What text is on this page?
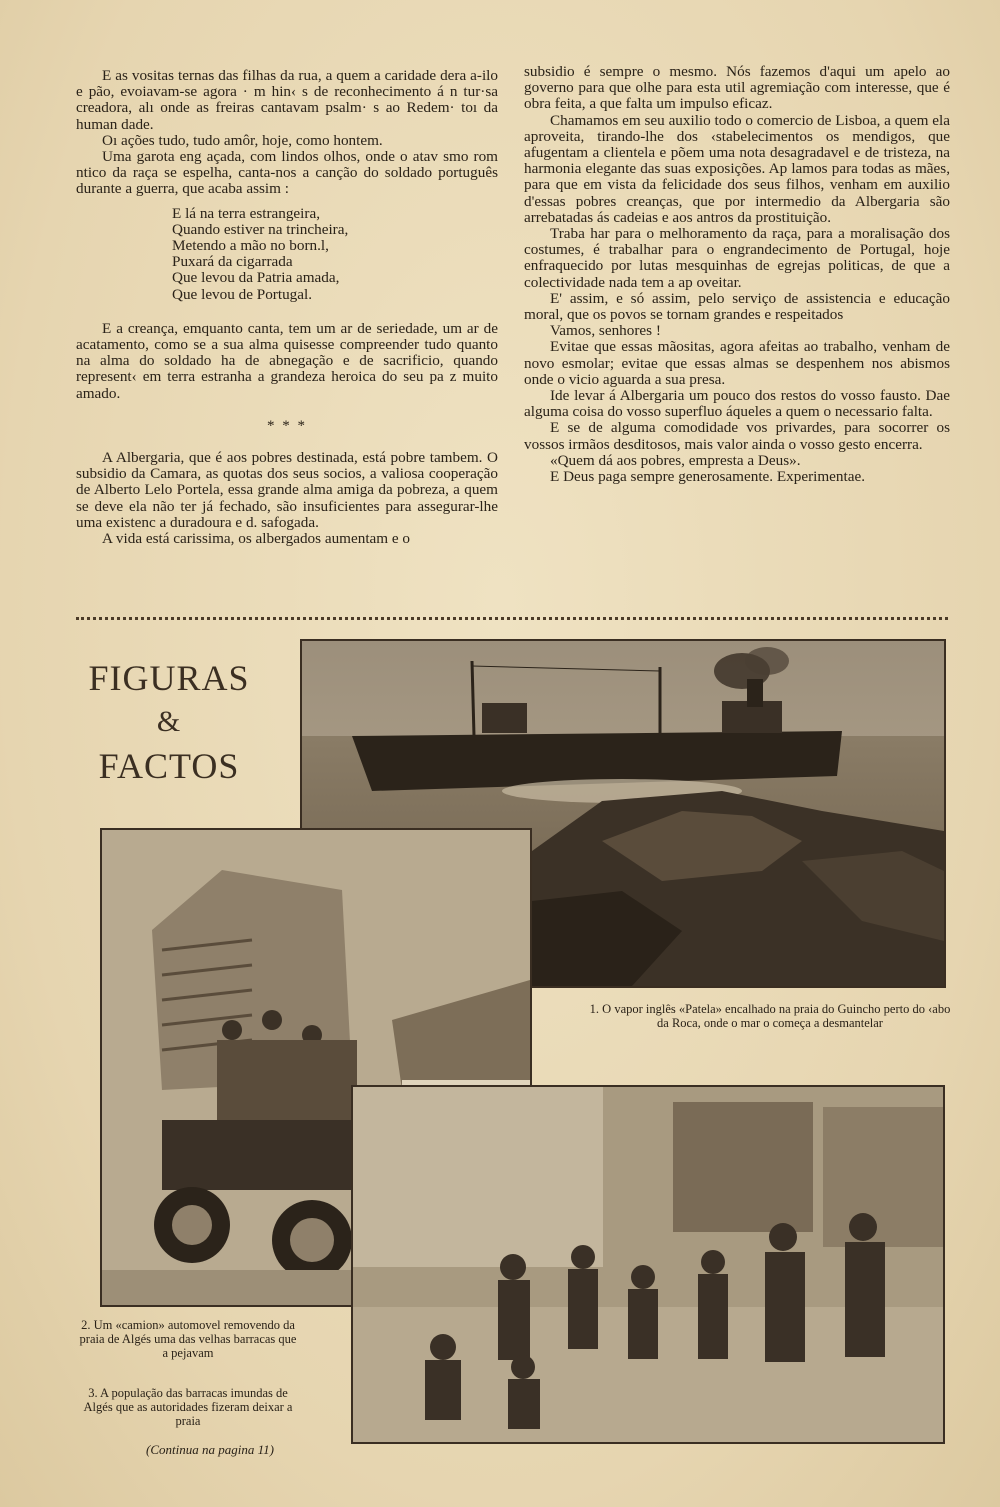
E as vositas ternas das filhas da rua, a quem a caridade dera a-ilo e pão, evoiavam-se agora · m hin‹ s de reconhecimento á n tur·sa creadora, alı onde as freiras cantavam psalm· s ao Redem· toı da human dade.

Oı ações tudo, tudo amôr, hoje, como hontem.

Uma garota eng açada, com lindos olhos, onde o atav smo rom ntico da raça se espelha, canta-nos a canção do soldado português durante a guerra, que acaba assim :

E lá na terra estrangeira,
Quando estiver na trincheira,
Metendo a mão no born.l,
Puxará da cigarrada
Que levou da Patria amada,
Que levou de Portugal.

E a creança, emquanto canta, tem um ar de seriedade, um ar de acatamento, como se a sua alma quisesse compreender tudo quanto na alma do soldado ha de abnegação e de sacrificio, quando represent‹ em terra estranha a grandeza heroica do seu pa z muito amado.

* * *

A Albergaria, que é aos pobres destinada, está pobre tambem. O subsidio da Camara, as quotas dos seus socios, a valiosa cooperação de Alberto Lelo Portela, essa grande alma amiga da pobreza, a quem se deve ela não ter já fechado, são insuficientes para assegurar-lhe uma existenc a duradoura e d. safogada.

A vida está carissima, os albergados aumentam e o

subsidio é sempre o mesmo. Nós fazemos d'aqui um apelo ao governo para que olhe para esta util agremiação com interesse, que é obra feita, a que falta um impulso eficaz.

Chamamos em seu auxilio todo o comercio de Lisboa, a quem ela aproveita, tirando-lhe dos ‹stabelecimentos os mendigos, que afugentam a clientela e põem uma nota desagradavel e de tristeza, na harmonia elegante das suas exposições. Ap lamos para todas as mães, para que em vista da felicidade dos seus filhos, venham em auxilio d'essas pobres creanças, que por intermedio da Albergaria são arrebatadas ás cadeias e aos antros da prostituição.

Traba har para o melhoramento da raça, para a moralisação dos costumes, é trabalhar para o engrandecimento de Portugal, hoje enfraquecido por lutas mesquinhas de egrejas politicas, de que a colectividade nada tem a ap oveitar.

E' assim, e só assim, pelo serviço de assistencia e educação moral, que os povos se tornam grandes e respeitados

Vamos, senhores !

Evitae que essas mãositas, agora afeitas ao trabalho, venham de novo esmolar; evitae que essas almas se despenhem nos abismos onde o vicio aguarda a sua presa.

Ide levar á Albergaria um pouco dos restos do vosso fausto. Dae alguma coisa do vosso superfluo áqueles a quem o necessario falta.

E se de alguma comodidade vos privardes, para socorrer os vossos irmãos desditosos, mais valor ainda o vosso gesto encerra.

«Quem dá aos pobres, empresta a Deus».

E Deus paga sempre generosamente. Experimentae.

FIGURAS
&
FACTOS
1. O vapor inglês «Patela» encalhado na praia do Guincho perto do ‹abo da Roca, onde o mar o começa a desmantelar
2. Um «camion» automovel removendo da praia de Algés uma das velhas barracas que a pejavam
3. A população das barracas imundas de Algés que as autoridades fizeram deixar a praia
(Continua na pagina 11)
